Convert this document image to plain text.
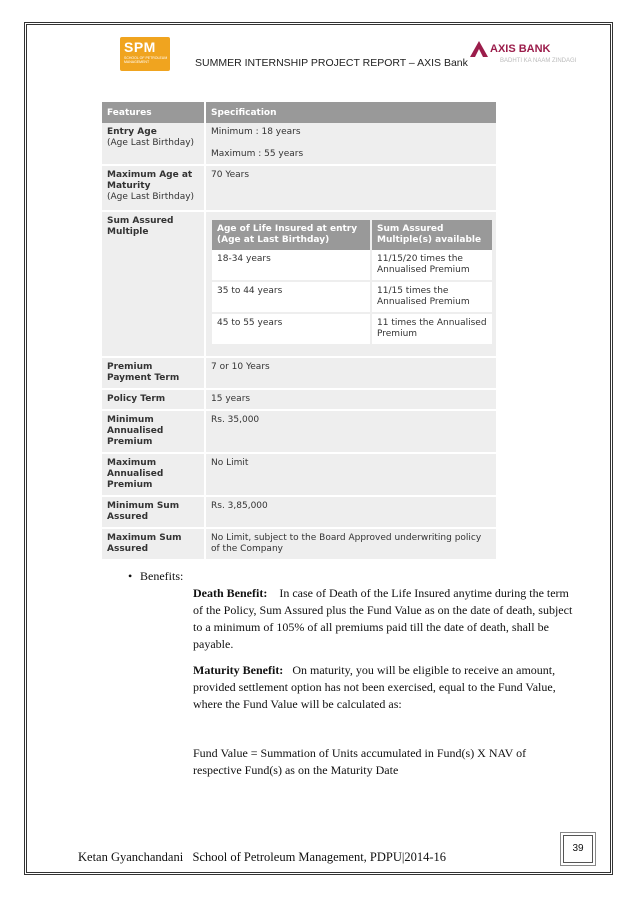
SPM
SCHOOL OF PETROLEUM MANAGEMENT	SUMMER INTERNSHIP PROJECT REPORT – AXIS Bank
AXIS BANK
BADHTI KA NAAM ZINDAGI
Features	Specification
Entry Age
(Age Last Birthday)	Minimum : 18 years
Maximum : 55 years
Maximum Age at Maturity
(Age Last Birthday)	70 Years
Sum Assured Multiple		Age of Life Insured at entry (Age at Last Birthday)	Sum Assured Multiple(s) available
18-34 years	11/15/20 times the Annualised Premium
35 to 44 years	11/15 times the Annualised Premium
45 to 55 years	11 times the Annualised Premium

Premium Payment Term	7 or 10 Years
Policy Term	15 years
Minimum Annualised Premium	Rs. 35,000
Maximum Annualised Premium	No Limit
Minimum Sum Assured	Rs. 3,85,000
Maximum Sum Assured	No Limit, subject to the Board Approved underwriting policy of the Company
• Benefits:
Death Benefit: In case of Death of the Life Insured anytime during the term of the Policy, Sum Assured plus the Fund Value as on the date of death, subject to a minimum of 105% of all premiums paid till the date of death, shall be payable.
Maturity Benefit: On maturity, you will be eligible to receive an amount, provided settlement option has not been exercised, equal to the Fund Value, where the Fund Value will be calculated as:
Fund Value = Summation of Units accumulated in Fund(s) X NAV of respective Fund(s) as on the Maturity Date
Ketan Gyanchandani   School of Petroleum Management, PDPU|2014-16
39
